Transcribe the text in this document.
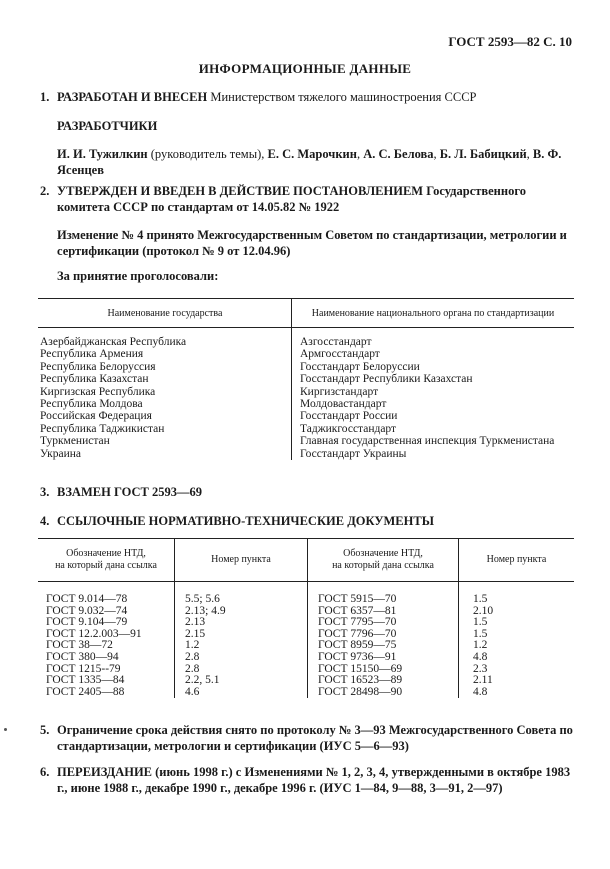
ГОСТ 2593—82 С. 10
ИНФОРМАЦИОННЫЕ ДАННЫЕ
1. РАЗРАБОТАН И ВНЕСЕН Министерством тяжелого машиностроения СССР
РАЗРАБОТЧИКИ
И. И. Тужилкин (руководитель темы), Е. С. Марочкин, А. С. Белова, Б. Л. Бабицкий, В. Ф. Ясенцев
2. УТВЕРЖДЕН И ВВЕДЕН В ДЕЙСТВИЕ ПОСТАНОВЛЕНИЕМ Государственного комитета СССР по стандартам от 14.05.82 № 1922
Изменение № 4 принято Межгосударственным Советом по стандартизации, метрологии и сертификации (протокол № 9 от 12.04.96)
За принятие проголосовали:
Наименование государства	Наименование национального органа по стандартизации
Азербайджанская Республика	Азгосстандарт
Республика Армения	Армгосстандарт
Республика Белоруссия	Госстандарт Белоруссии
Республика Казахстан	Госстандарт Республики Казахстан
Киргизская Республика	Киргизстандарт
Республика Молдова	Молдовастандарт
Российская Федерация	Госстандарт России
Республика Таджикистан	Таджикгосстандарт
Туркменистан	Главная государственная инспекция Туркменистана
Украина	Госстандарт Украины
3. ВЗАМЕН ГОСТ 2593—69
4. ССЫЛОЧНЫЕ НОРМАТИВНО-ТЕХНИЧЕСКИЕ ДОКУМЕНТЫ
Обозначение НТД,
на который дана ссылка	Номер пункта	Обозначение НТД,
на который дана ссылка	Номер пункта
ГОСТ 9.014—78	5.5; 5.6	ГОСТ 5915—70	1.5
ГОСТ 9.032—74	2.13; 4.9	ГОСТ 6357—81	2.10
ГОСТ 9.104—79	2.13	ГОСТ 7795—70	1.5
ГОСТ 12.2.003—91	2.15	ГОСТ 7796—70	1.5
ГОСТ 38—72	1.2	ГОСТ 8959—75	1.2
ГОСТ 380—94	2.8	ГОСТ 9736—91	4.8
ГОСТ 1215--79	2.8	ГОСТ 15150—69	2.3
ГОСТ 1335—84	2.2, 5.1	ГОСТ 16523—89	2.11
ГОСТ 2405—88	4.6	ГОСТ 28498—90	4.8
5. Ограничение срока действия снято по протоколу № 3—93 Межгосударственного Совета по стандартизации, метрологии и сертификации (ИУС 5—6—93)
6. ПЕРЕИЗДАНИЕ (июнь 1998 г.) с Изменениями № 1, 2, 3, 4, утвержденными в октябре 1983 г., июне 1988 г., декабре 1990 г., декабре 1996 г. (ИУС 1—84, 9—88, 3—91, 2—97)
